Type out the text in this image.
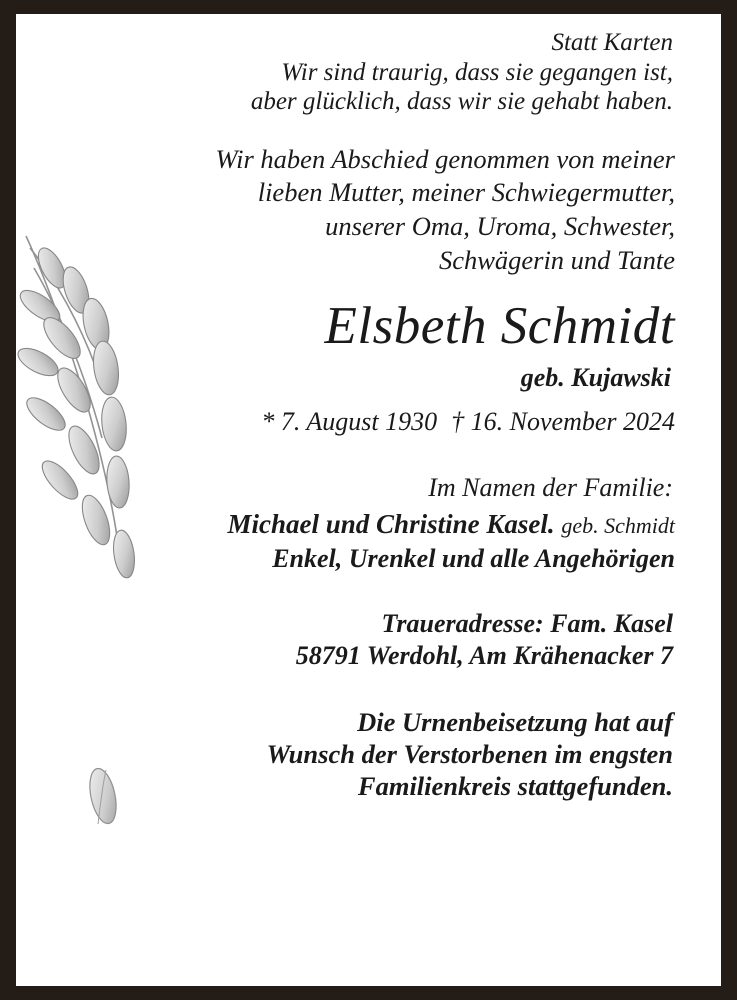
Statt Karten
Wir sind traurig, dass sie gegangen ist,
aber glücklich, dass wir sie gehabt haben.
Wir haben Abschied genommen von meiner
lieben Mutter, meiner Schwiegermutter,
unserer Oma, Uroma, Schwester,
Schwägerin und Tante
Elsbeth Schmidt
geb. Kujawski
* 7. August 1930 † 16. November 2024
Im Namen der Familie:
Michael und Christine Kasel. geb. Schmidt
Enkel, Urenkel und alle Angehörigen
Traueradresse: Fam. Kasel
58791 Werdohl, Am Krähenacker 7
Die Urnenbeisetzung hat auf
Wunsch der Verstorbenen im engsten
Familienkreis stattgefunden.
